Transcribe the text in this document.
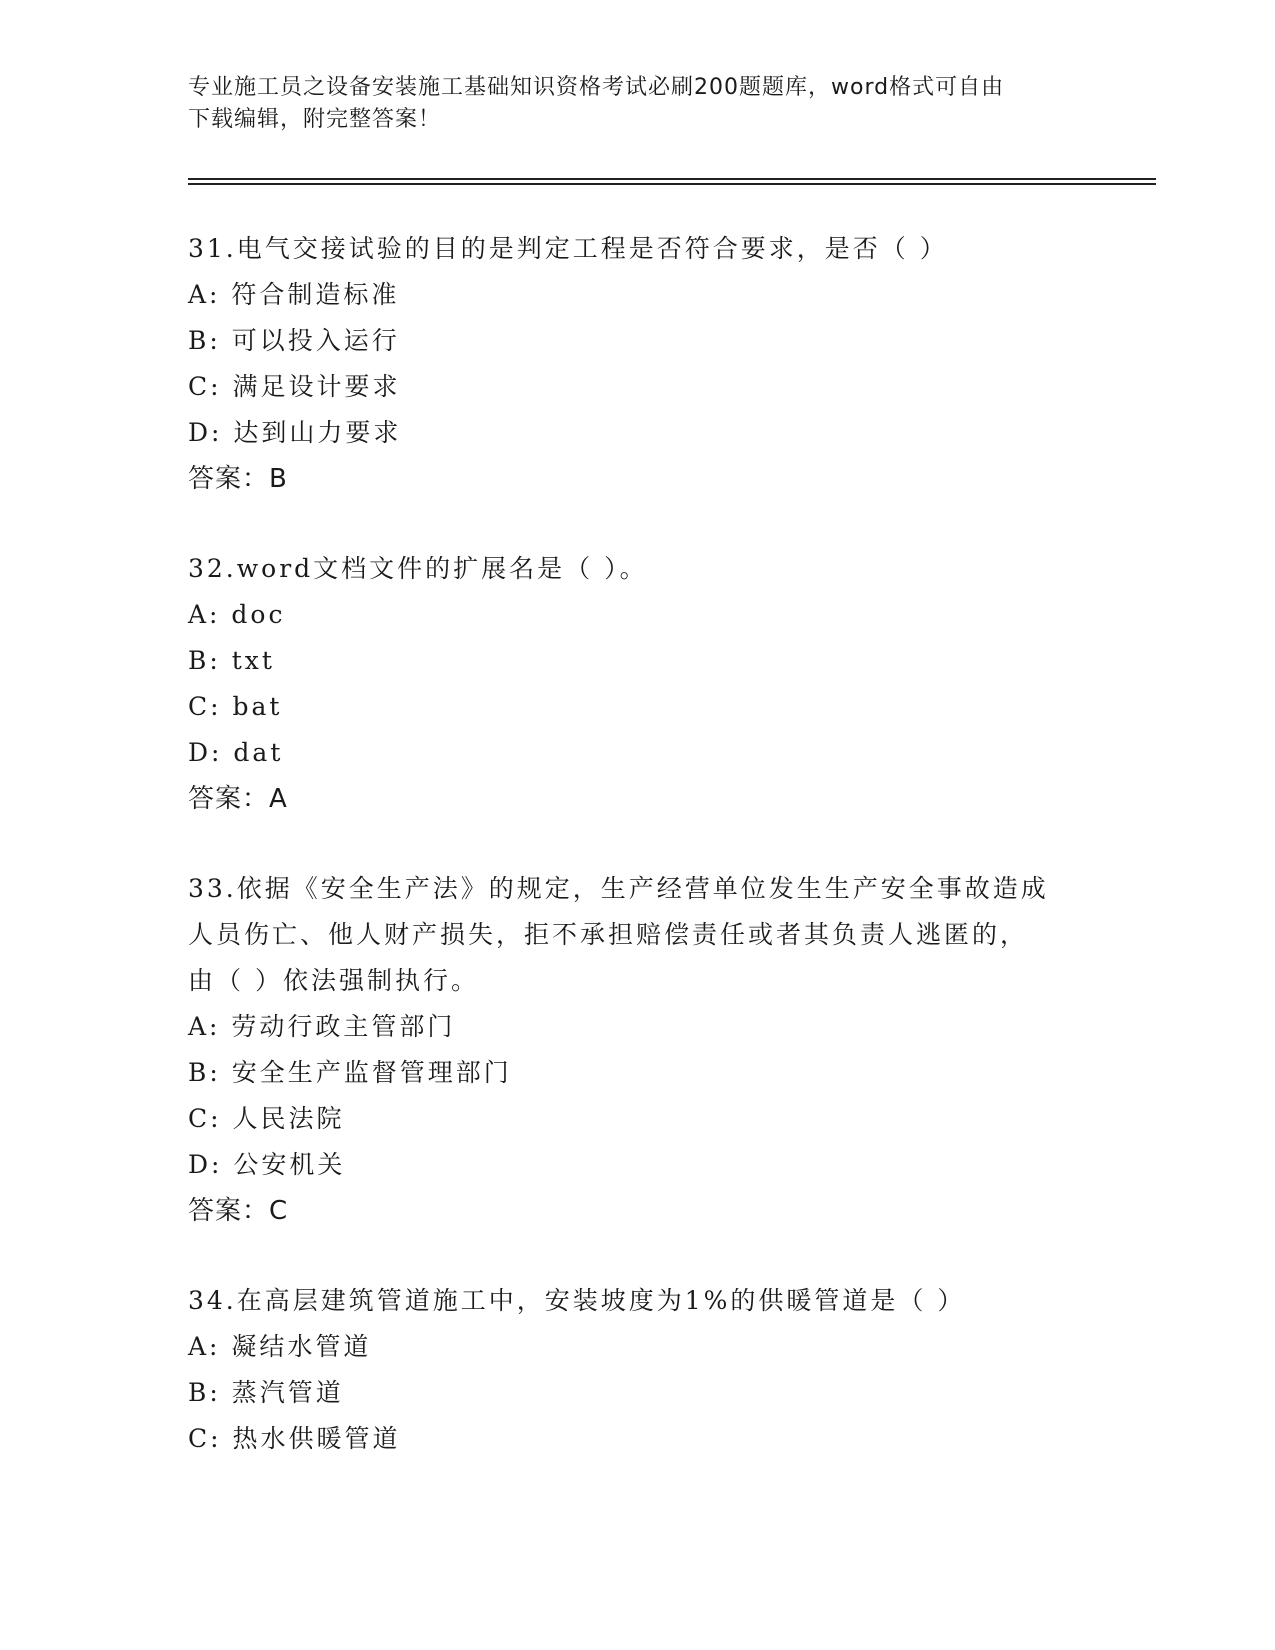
专业施工员之设备安装施工基础知识资格考试必刷200题题库，word格式可自由
下载编辑，附完整答案！
31.电气交接试验的目的是判定工程是否符合要求，是否（ ）
A: 符合制造标准
B: 可以投入运行
C: 满足设计要求
D: 达到山力要求
答案：B
32.word文档文件的扩展名是（ ）。
A: doc
B: txt
C: bat
D: dat
答案：A
33.依据《安全生产法》的规定，生产经营单位发生生产安全事故造成
人员伤亡、他人财产损失，拒不承担赔偿责任或者其负责人逃匿的，
由（ ）依法强制执行。
A: 劳动行政主管部门
B: 安全生产监督管理部门
C: 人民法院
D: 公安机关
答案：C
34.在高层建筑管道施工中，安装坡度为1%的供暖管道是（ ）
A: 凝结水管道
B: 蒸汽管道
C: 热水供暖管道
